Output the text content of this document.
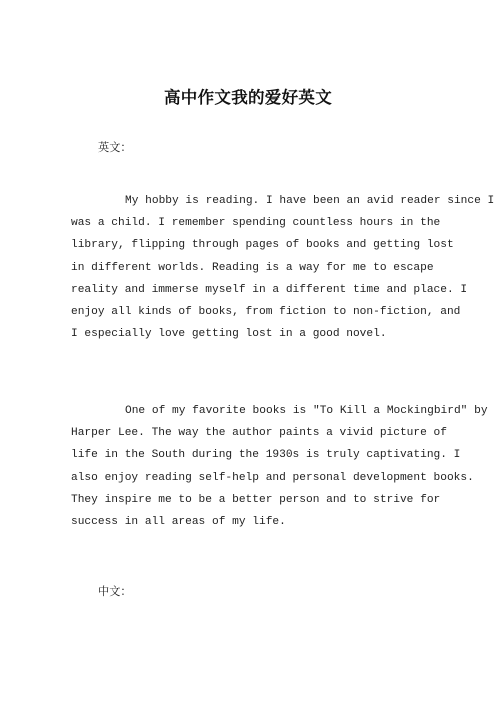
高中作文我的爱好英文
英文：

My hobby is reading. I have been an avid reader since I
was a child. I remember spending countless hours in the
library, flipping through pages of books and getting lost
in different worlds. Reading is a way for me to escape
reality and immerse myself in a different time and place. I
enjoy all kinds of books, from fiction to non-fiction, and
I especially love getting lost in a good novel.

One of my favorite books is "To Kill a Mockingbird" by
Harper Lee. The way the author paints a vivid picture of
life in the South during the 1930s is truly captivating. I
also enjoy reading self-help and personal development books.
They inspire me to be a better person and to strive for
success in all areas of my life.

中文：
